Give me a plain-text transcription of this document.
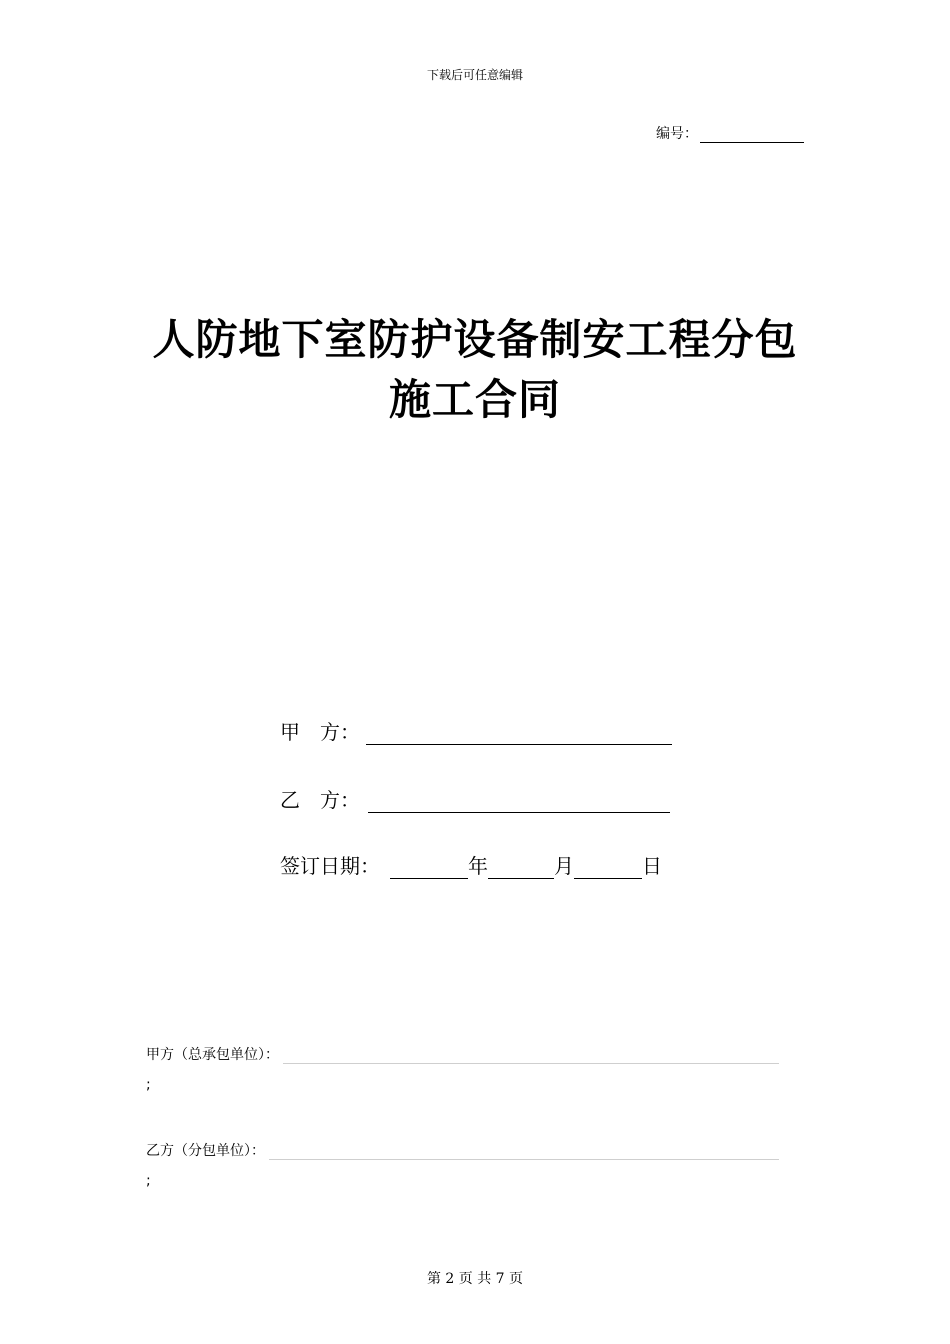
下载后可任意编辑
编号：
人防地下室防护设备制安工程分包
施工合同
甲　方：
乙　方：
签订日期：	年	月	日
甲方（总承包单位）：
;
乙方（分包单位）：
;
第 2 页 共 7 页
